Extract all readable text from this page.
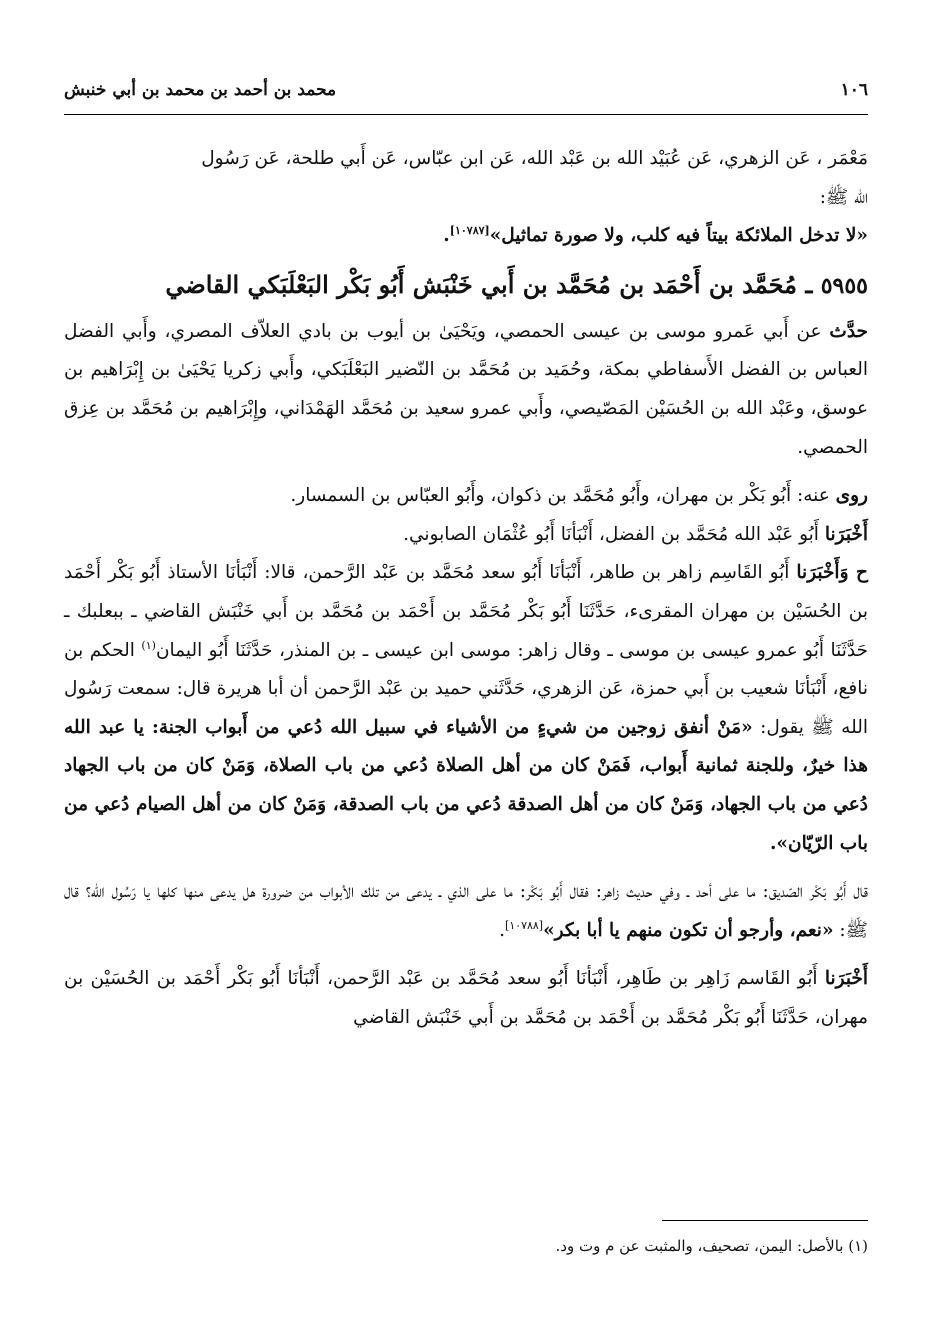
١٠٦
محمد بن أحمد بن محمد بن أبي خنبش

مَعْمَر ، عَن الزهري، عَن عُبَيْد الله بن عَبْد الله، عَن ابن عبّاس، عَن أَبي طلحة، عَن رَسُول
الله ﷺ:

«لا تدخل الملائكة بيتاً فيه كلب، ولا صورة تماثيل»[١٠٧٨٧].

٥٩٥٥ ـ مُحَمَّد بن أَحْمَد بن مُحَمَّد بن أَبي خَنْبَش أَبُو بَكْر البَعْلَبَكي القاضي

حدَّث عن أَبي عَمرو موسى بن عيسى الحمصي، ويَحْيَىٰ بن أيوب بن بادي العلاّف المصري، وأَبي الفضل العباس بن الفضل الأَسفاطي بمكة، وحُمَيد بن مُحَمَّد بن النّضير البَعْلَبَكي، وأَبي زكريا يَحْيَىٰ بن إِبْرَاهيم بن عوسق، وعَبْد الله بن الحُسَيْن المَصّيصي، وأَبي عمرو سعيد بن مُحَمَّد الهَمْدَاني، وإِبْرَاهيم بن مُحَمَّد بن عِزق الحمصي.

روى عنه: أَبُو بَكْر بن مهران، وأَبُو مُحَمَّد بن ذكوان، وأَبُو العبّاس بن السمسار.

أَخْبَرَنا أَبُو عَبْد الله مُحَمَّد بن الفضل، أَنْبَأنَا أَبُو عُثْمَان الصابوني.

ح وَأَخْبَرَنا أَبُو القَاسِم زاهر بن طاهر، أَنْبَأنَا أَبُو سعد مُحَمَّد بن عَبْد الرَّحمن، قالا: أَنْبَأنَا الأستاذ أَبُو بَكْر أَحْمَد بن الحُسَيْن بن مهران المقرىء، حَدَّثَنَا أَبُو بَكْر مُحَمَّد بن أَحْمَد بن مُحَمَّد بن أَبي خَنْبَش القاضي ـ ببعلبك ـ حَدَّثَنَا أَبُو عمرو عيسى بن موسى ـ وقال زاهر: موسى ابن عيسى ـ بن المنذر، حَدَّثَنَا أَبُو اليمان$^{(١)}$ الحكم بن نافع، أَنْبَأنَا شعيب بن أَبي حمزة، عَن الزهري، حَدَّثَني حميد بن عَبْد الرَّحمن أن أبا هريرة قال: سمعت رَسُول الله ﷺ يقول: «مَنْ أنفق زوجين من شيءٍ من الأشياء في سبيل الله دُعي من أَبواب الجنة: يا عبد الله هذا خيرٌ، وللجنة ثمانية أَبواب، فَمَنْ كان من أهل الصلاة دُعي من باب الصلاة، وَمَنْ كان من باب الجهاد دُعي من باب الجهاد، وَمَنْ كان من أهل الصدقة دُعي من باب الصدقة، وَمَنْ كان من أهل الصيام دُعي من باب الرّيّان».

قال أَبُو بَكْر الصّديق: ما على أحد ـ وفي حديث زاهر: فقال أَبُو بَكْر: ما على الذي ـ يدعى من تلك الأبواب من ضرورة هل يدعى منها كلها يا رَسُول الله؟ قال ﷺ: «نعم، وأرجو أن تكون منهم يا أبا بكر»[١٠٧٨٨].

أَخْبَرَنا أَبُو القَاسم زَاهِر بن طَاهِر، أَنْبَأنَا أَبُو سعد مُحَمَّد بن عَبْد الرَّحمن، أَنْبَأنَا أَبُو بَكْر أَحْمَد بن الحُسَيْن بن مهران، حَدَّثَنَا أَبُو بَكْر مُحَمَّد بن أَحْمَد بن مُحَمَّد بن أَبي خَنْبَش القاضي

(١) بالأصل: اليمن، تصحيف، والمثبت عن م وت ود.
